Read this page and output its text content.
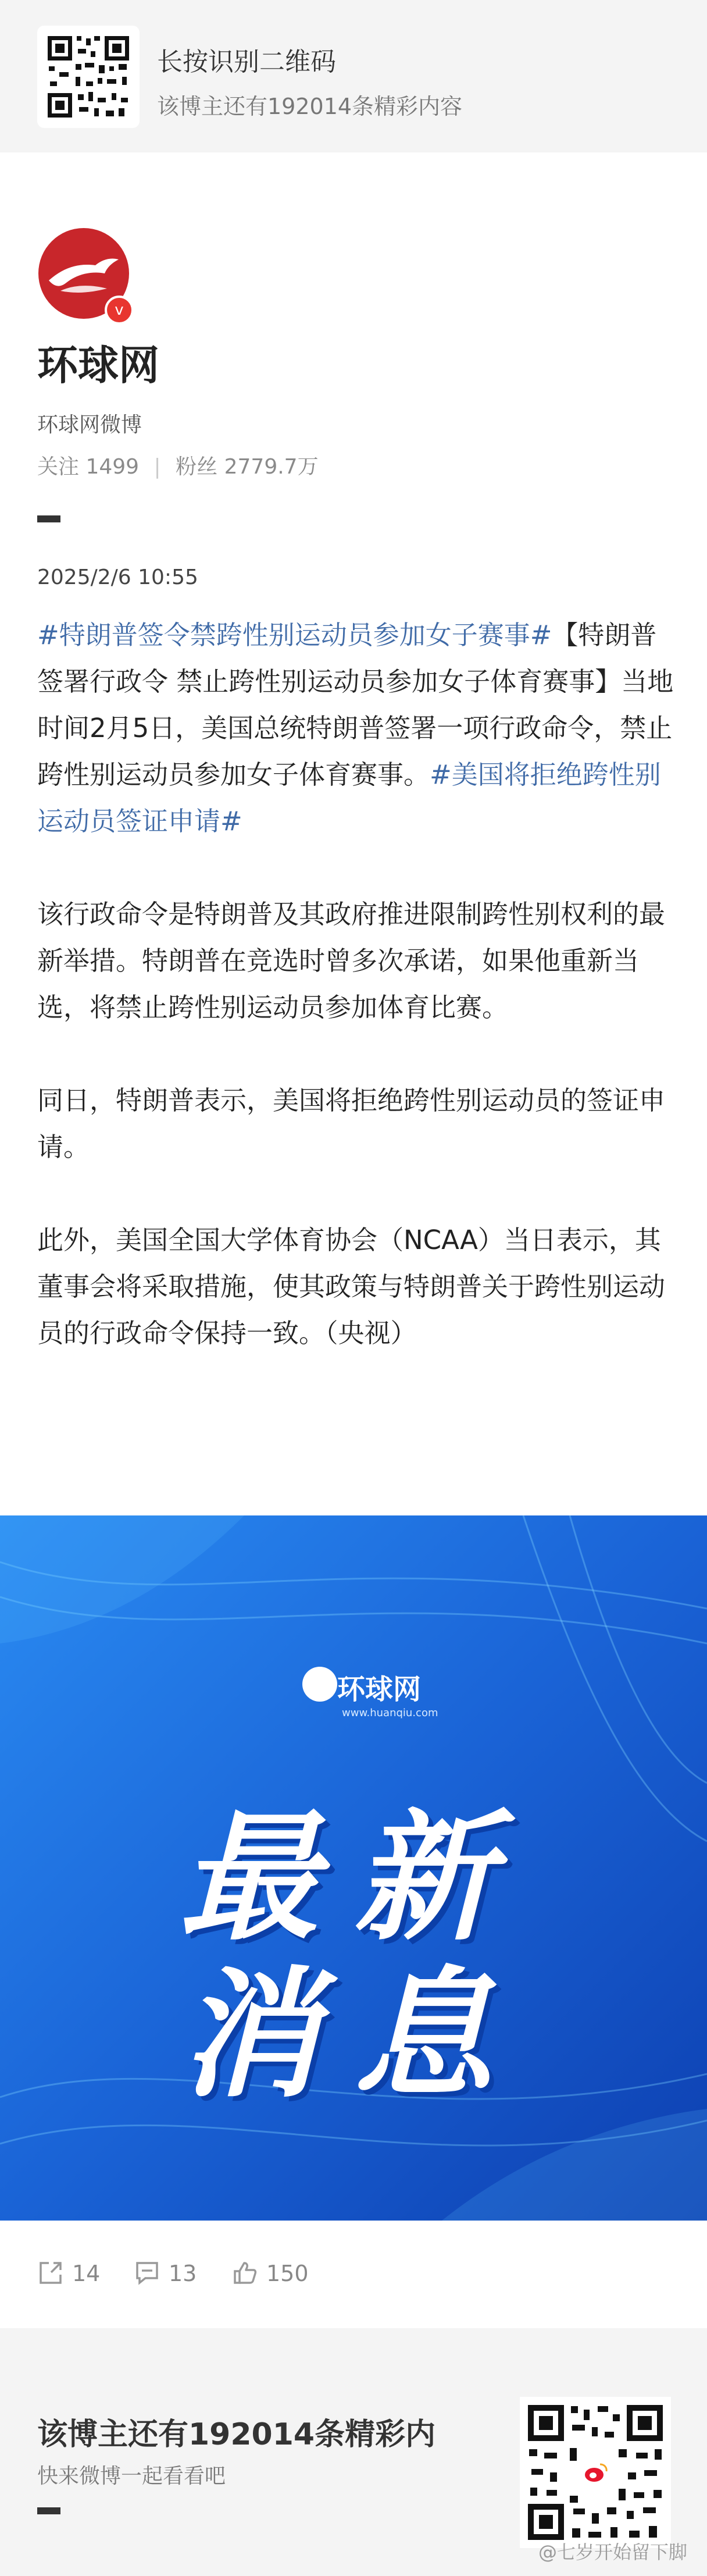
长按识别二维码
该博主还有192014条精彩内容
v
环球网
环球网微博
关注 1499 | 粉丝 2779.7万
2025/2/6 10:55

#特朗普签令禁跨性别运动员参加女子赛事#【特朗普签署行政令 禁止跨性别运动员参加女子体育赛事】当地时间2月5日，美国总统特朗普签署一项行政命令，禁止跨性别运动员参加女子体育赛事。#美国将拒绝跨性别运动员签证申请#

该行政命令是特朗普及其政府推进限制跨性别权利的最新举措。特朗普在竞选时曾多次承诺，如果他重新当选，将禁止跨性别运动员参加体育比赛。

同日，特朗普表示，美国将拒绝跨性别运动员的签证申请。

此外，美国全国大学体育协会（NCAA）当日表示，其董事会将采取措施，使其政策与特朗普关于跨性别运动员的行政命令保持一致。（央视）

环球网
www.huanqiu.com
最新
消息
14	13	150
该博主还有192014条精彩内
快来微博一起看看吧
@七岁开始留下脚
